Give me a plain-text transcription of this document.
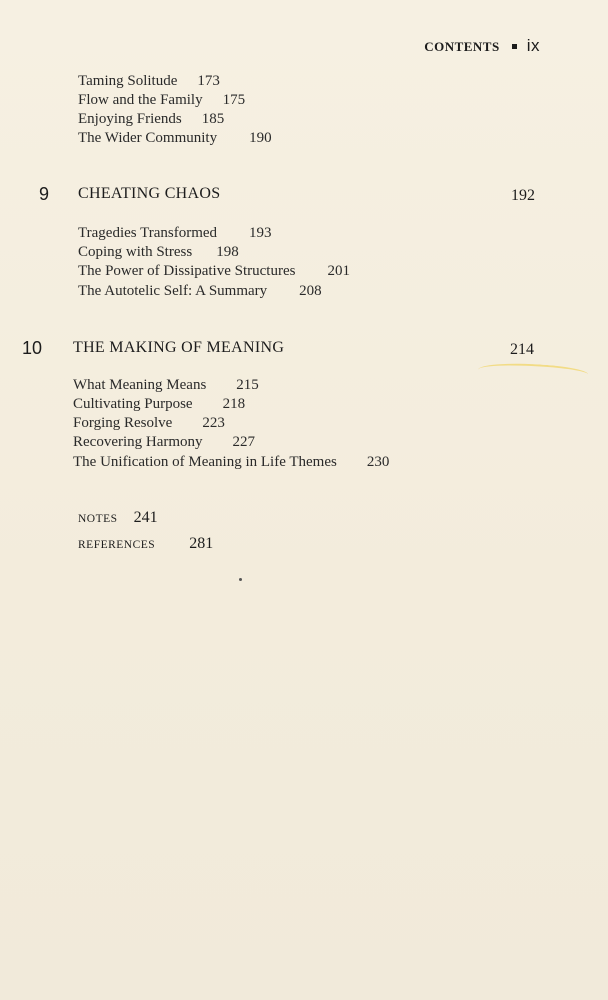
CONTENTS ix
Taming Solitude 173
Flow and the Family 175
Enjoying Friends 185
The Wider Community 190
9 CHEATING CHAOS	192
Tragedies Transformed 193
Coping with Stress 198
The Power of Dissipative Structures 201
The Autotelic Self: A Summary 208
10 THE MAKING OF MEANING	214
What Meaning Means 215
Cultivating Purpose 218
Forging Resolve 223
Recovering Harmony 227
The Unification of Meaning in Life Themes 230
NOTES 241
REFERENCES 281
